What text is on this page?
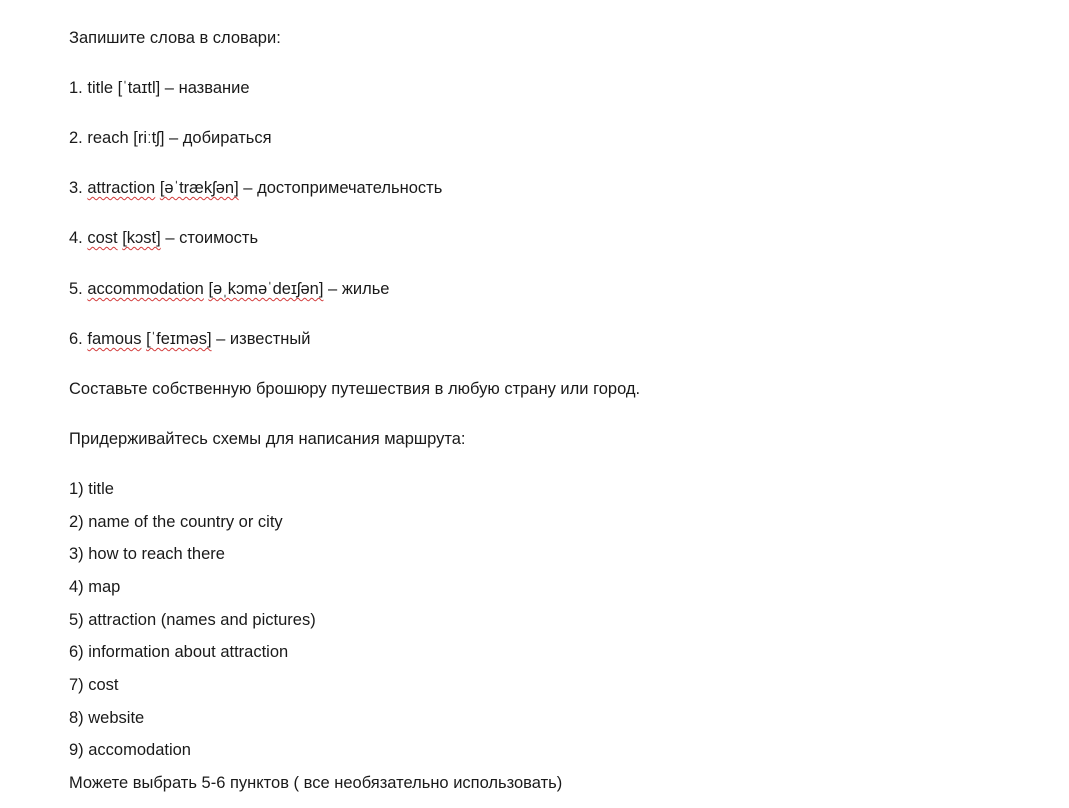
Запишите слова в словари:
1. title [ˈtaɪtl] – название
2. reach [riːtʃ] – добираться
3. attraction [əˈtrækʃən] – достопримечательность
4. cost [kɔst] – стоимость
5. accommodation [əˌkɔməˈdeɪʃən] – жилье
6. famous [ˈfeɪməs] – известный
Составьте собственную брошюру путешествия в любую страну или город.
Придерживайтесь схемы для написания маршрута:
1) title
2) name of the country or city
3) how to reach there
4) map
5) attraction (names and pictures)
6) information about attraction
7) cost
8) website
9) accomodation
Можете выбрать 5-6 пунктов ( все необязательно использовать)
